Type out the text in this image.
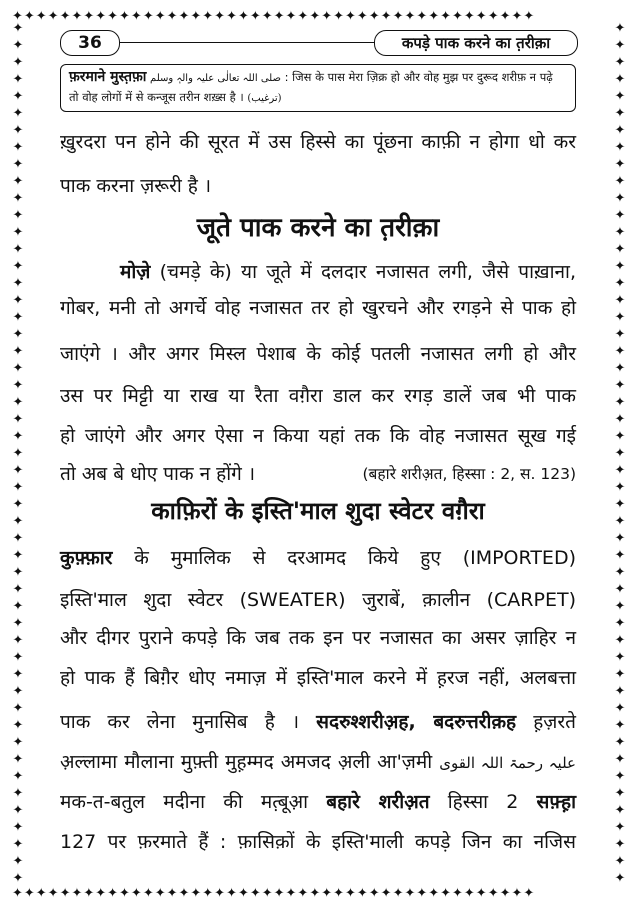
✦✦✦✦✦✦✦✦✦✦✦✦✦✦✦✦✦✦✦✦✦✦✦✦✦✦✦✦✦✦✦✦✦✦✦✦✦✦✦✦✦✦✦✦
✦✦✦✦✦✦✦✦✦✦✦✦✦✦✦✦✦✦✦✦✦✦✦✦✦✦✦✦✦✦✦✦✦✦✦✦✦✦✦✦✦✦✦✦
✦
✦
✦
✦
✦
✦
✦
✦
✦
✦
✦
✦
✦
✦
✦
✦
✦
✦
✦
✦
✦
✦
✦
✦
✦
✦
✦
✦
✦
✦
✦
✦
✦
✦
✦
✦
✦
✦
✦
✦
✦
✦
✦
✦
✦
✦
✦
✦
✦
✦
✦

✦
✦
✦
✦
✦
✦
✦
✦
✦
✦
✦
✦
✦
✦
✦
✦
✦
✦
✦
✦
✦
✦
✦
✦
✦
✦
✦
✦
✦
✦
✦
✦
✦
✦
✦
✦
✦
✦
✦
✦
✦
✦
✦
✦
✦
✦
✦
✦
✦
✦
✦

36	कपड़े पाक करने का त़रीक़ा
फ़रमाने मुस्त़फ़ा صلی اللہ تعالٰی علیہ والہٖ وسلم : जिस के पास मेरा ज़िक्र हो और वोह मुझ पर दुरूद शरीफ़ न पढ़े
तो वोह लोगों में से कन्जूस तरीन शख़्स है । (ترغیب)
ख़ुरदरा पन होने की सूरत में उस हिस्से का पूंछना काफ़ी न होगा धो कर
पाक करना ज़रूरी है ।
जूते पाक करने का त़रीक़ा
मोज़े (चमड़े के) या जूते में दलदार नजासत लगी, जैसे पाख़ाना,
गोबर, मनी तो अगर्चे वोह नजासत तर हो खुरचने और रगड़ने से पाक हो
जाएंगे । और अगर मिस्ल पेशाब के कोई पतली नजासत लगी हो और
उस पर मिट्टी या राख या रैता वग़ैरा डाल कर रगड़ डालें जब भी पाक
हो जाएंगे और अगर ऐसा न किया यहां तक कि वोह नजासत सूख गई
तो अब बे धोए पाक न होंगे ।	(बहारे शरीअ़त, हिस्सा : 2, स. 123)
काफ़िरों के इस्ति'माल शुदा स्वेटर वग़ैरा
कुफ़्फ़ार के मुमालिक से दरआमद किये हुए (IMPORTED)
इस्ति'माल शुदा स्वेटर (SWEATER) जुराबें, क़ालीन (CARPET)
और दीगर पुराने कपड़े कि जब तक इन पर नजासत का असर ज़ाहिर न
हो पाक हैं बिग़ैर धोए नमाज़ में इस्ति'माल करने में ह़रज नहीं, अलबत्ता
पाक कर लेना मुनासिब है । सदरुश्शरीअ़ह, बदरुत्तरीक़ह ह़ज़रते
अ़ल्लामा मौलाना मुफ़्ती मुह़म्मद अमजद अ़ली आ'ज़मी علیہ رحمۃ اللہ القوی
मक-त-बतुल मदीना की मत़्बूआ़ बहारे शरीअ़त हिस्सा 2 सफ़्ह़ा
127 पर फ़रमाते हैं : फ़ासिक़ों के इस्ति'माली कपड़े जिन का नजिस
